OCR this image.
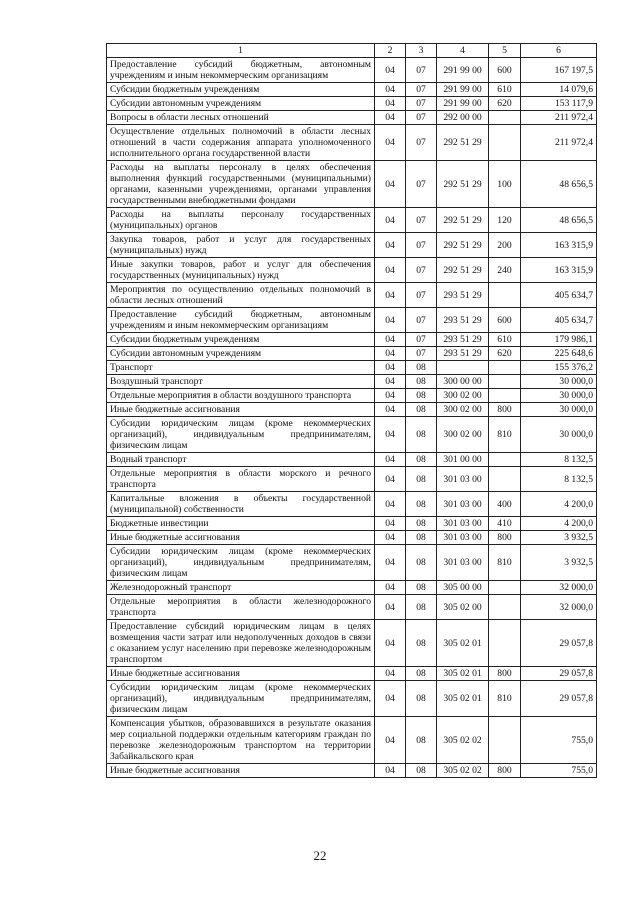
1	2	3	4	5	6
Предоставление субсидий бюджетным, автономным учреждениям и иным некоммерческим организациям	04	07	291 99 00	600	167 197,5
Субсидии бюджетным учреждениям	04	07	291 99 00	610	14 079,6
Субсидии автономным учреждениям	04	07	291 99 00	620	153 117,9
Вопросы в области лесных отношений	04	07	292 00 00		211 972,4
Осуществление отдельных полномочий в области лесных отношений в части содержания аппарата уполномоченного исполнительного органа государственной власти	04	07	292 51 29		211 972,4
Расходы на выплаты персоналу в целях обеспечения выполнения функций государственными (муниципальными) органами, казенными учреждениями, органами управления государственными внебюджетными фондами	04	07	292 51 29	100	48 656,5
Расходы на выплаты персоналу государственных (муниципальных) органов	04	07	292 51 29	120	48 656,5
Закупка товаров, работ и услуг для государственных (муниципальных) нужд	04	07	292 51 29	200	163 315,9
Иные закупки товаров, работ и услуг для обеспечения государственных (муниципальных) нужд	04	07	292 51 29	240	163 315,9
Мероприятия по осуществлению отдельных полномочий в области лесных отношений	04	07	293 51 29		405 634,7
Предоставление субсидий бюджетным, автономным учреждениям и иным некоммерческим организациям	04	07	293 51 29	600	405 634,7
Субсидии бюджетным учреждениям	04	07	293 51 29	610	179 986,1
Субсидии автономным учреждениям	04	07	293 51 29	620	225 648,6
Транспорт	04	08			155 376,2
Воздушный транспорт	04	08	300 00 00		30 000,0
Отдельные мероприятия в области воздушного транспорта	04	08	300 02 00		30 000,0
Иные бюджетные ассигнования	04	08	300 02 00	800	30 000,0
Субсидии юридическим лицам (кроме некоммерческих организаций), индивидуальным предпринимателям, физическим лицам	04	08	300 02 00	810	30 000,0
Водный транспорт	04	08	301 00 00		8 132,5
Отдельные мероприятия в области морского и речного транспорта	04	08	301 03 00		8 132,5
Капитальные вложения в объекты государственной (муниципальной) собственности	04	08	301 03 00	400	4 200,0
Бюджетные инвестиции	04	08	301 03 00	410	4 200,0
Иные бюджетные ассигнования	04	08	301 03 00	800	3 932,5
Субсидии юридическим лицам (кроме некоммерческих организаций), индивидуальным предпринимателям, физическим лицам	04	08	301 03 00	810	3 932,5
Железнодорожный транспорт	04	08	305 00 00		32 000,0
Отдельные мероприятия в области железнодорожного транспорта	04	08	305 02 00		32 000,0
Предоставление субсидий юридическим лицам в целях возмещения части затрат или недополученных доходов в связи с оказанием услуг населению при перевозке железнодорожным транспортом	04	08	305 02 01		29 057,8
Иные бюджетные ассигнования	04	08	305 02 01	800	29 057,8
Субсидии юридическим лицам (кроме некоммерческих организаций), индивидуальным предпринимателям, физическим лицам	04	08	305 02 01	810	29 057,8
Компенсация убытков, образовавшихся в результате оказания мер социальной поддержки отдельным категориям граждан по перевозке железнодорожным транспортом на территории Забайкальского края	04	08	305 02 02		755,0
Иные бюджетные ассигнования	04	08	305 02 02	800	755,0
22
